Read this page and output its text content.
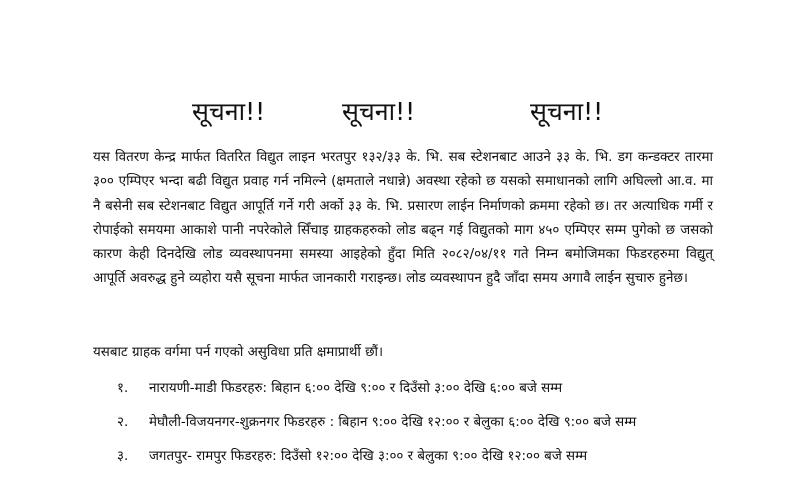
सूचना!!	सूचना!!	सूचना!!

यस वितरण केन्द्र मार्फत वितरित विद्युत लाइन भरतपुर १३२/३३ के. भि. सब स्टेशनबाट आउने ३३ के. भि. डग कन्डक्टर तारमा ३०० एम्पिएर भन्दा बढी विद्युत प्रवाह गर्न नमिल्ने (क्षमताले नधान्ने) अवस्था रहेको छ यसको समाधानको लागि अघिल्लो आ.व. मा नै बसेनी सब स्टेशनबाट विद्युत आपूर्ति गर्ने गरी अर्को ३३ के. भि. प्रसारण लाईन निर्माणको क्रममा रहेको छ। तर अत्याधिक गर्मी र रोपाईको समयमा आकाशे पानी नपरेकोले सिँचाइ ग्राहकहरुको लोड बढ्न गई विद्युतको माग ४५० एम्पिएर सम्म पुगेको छ जसको कारण केही दिनदेखि लोड व्यवस्थापनमा समस्या आइहेको हुँदा मिति २०८२/०४/११ गते निम्न बमोजिमका फिडरहरुमा विद्युत् आपूर्ति अवरुद्ध हुने व्यहोरा यसै सूचना मार्फत जानकारी गराइन्छ। लोड व्यवस्थापन हुदै जाँदा समय अगावै लाईन सुचारु हुनेछ।

यसबाट ग्राहक वर्गमा पर्न गएको असुविधा प्रति क्षमाप्रार्थी छौं।

१. नारायणी-माडी फिडरहरु: बिहान ६:०० देखि ९:०० र दिउँसो ३:०० देखि ६:०० बजे सम्म
२. मेघौली-विजयनगर-शुक्रनगर फिडरहरु : बिहान ९:०० देखि १२:०० र बेलुका ६:०० देखि ९:०० बजे सम्म
३. जगतपुर- रामपुर फिडरहरु: दिउँसो १२:०० देखि ३:०० र बेलुका ९:०० देखि १२:०० बजे सम्म
